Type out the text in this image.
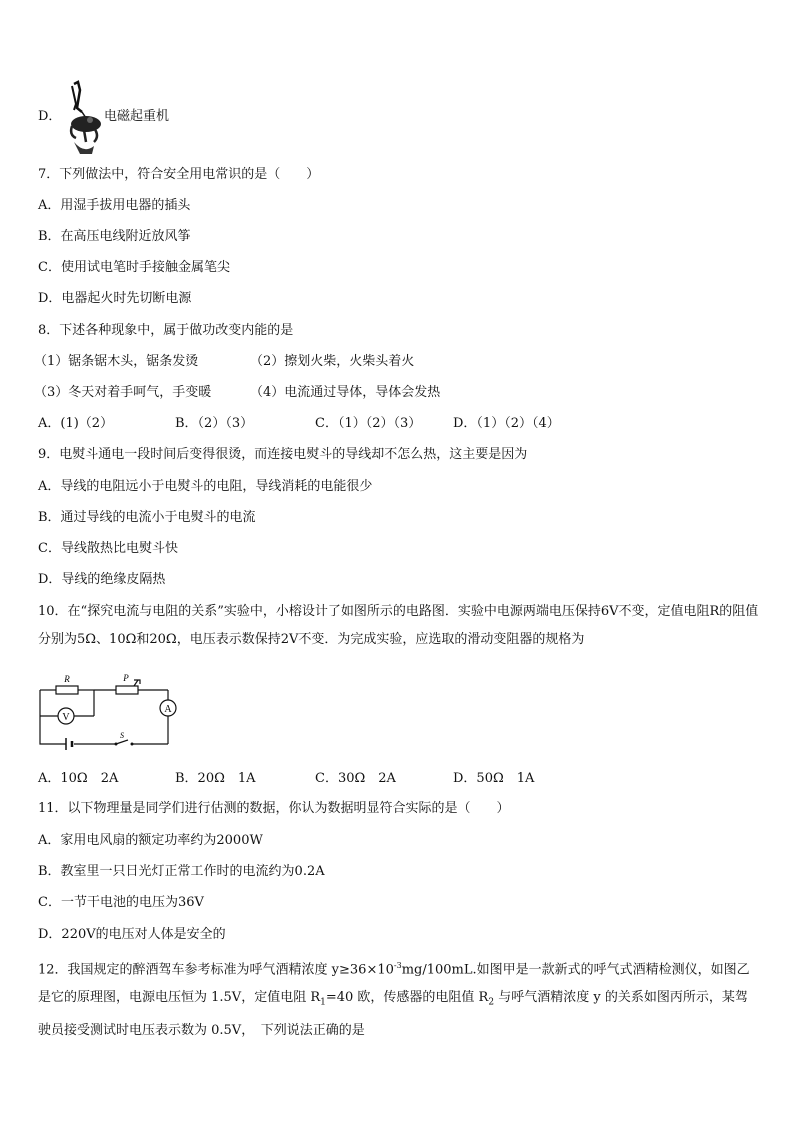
D．	电磁起重机
7．下列做法中，符合安全用电常识的是（　　）
A．用湿手拔用电器的插头
B．在高压电线附近放风筝
C．使用试电笔时手接触金属笔尖
D．电器起火时先切断电源
8．下述各种现象中，属于做功改变内能的是
（1）锯条锯木头，锯条发烫	（2）擦划火柴，火柴头着火
（3）冬天对着手呵气，手变暖	（4）电流通过导体，导体会发热
A．(1)（2）	B．（2）（3）	C．（1）（2）（3） D．（1）（2）（4）
9．电熨斗通电一段时间后变得很烫，而连接电熨斗的导线却不怎么热，这主要是因为
A．导线的电阻远小于电熨斗的电阻，导线消耗的电能很少
B．通过导线的电流小于电熨斗的电流
C．导线散热比电熨斗快
D．导线的绝缘皮隔热
10．在“探究电流与电阻的关系”实验中，小榕设计了如图所示的电路图．实验中电源两端电压保持6V不变，定值电阻R的阻值分别为5Ω、10Ω和20Ω，电压表示数保持2V不变．为完成实验，应选取的滑动变阻器的规格为
V
A
R	P
S
A．10Ω　2A	B．20Ω　1A	C．30Ω　2A	D．50Ω　1A
11．以下物理量是同学们进行估测的数据，你认为数据明显符合实际的是（　　）
A．家用电风扇的额定功率约为2000W
B．教室里一只日光灯正常工作时的电流约为0.2A
C．一节干电池的电压为36V
D．220V的电压对人体是安全的
12．我国规定的醉酒驾车参考标准为呼气酒精浓度 $y\ge 36\times 10^{-3}mg/100mL$.如图甲是一款新式的呼气式酒精检测仪，如图乙是它的原理图，电源电压恒为 1.5V，定值电阻 $R_1=40$ 欧，传感器的电阻值 $R_2$ 与呼气酒精浓度 y 的关系如图丙所示，某驾驶员接受测试时电压表示数为 0.5V，　下列说法正确的是
